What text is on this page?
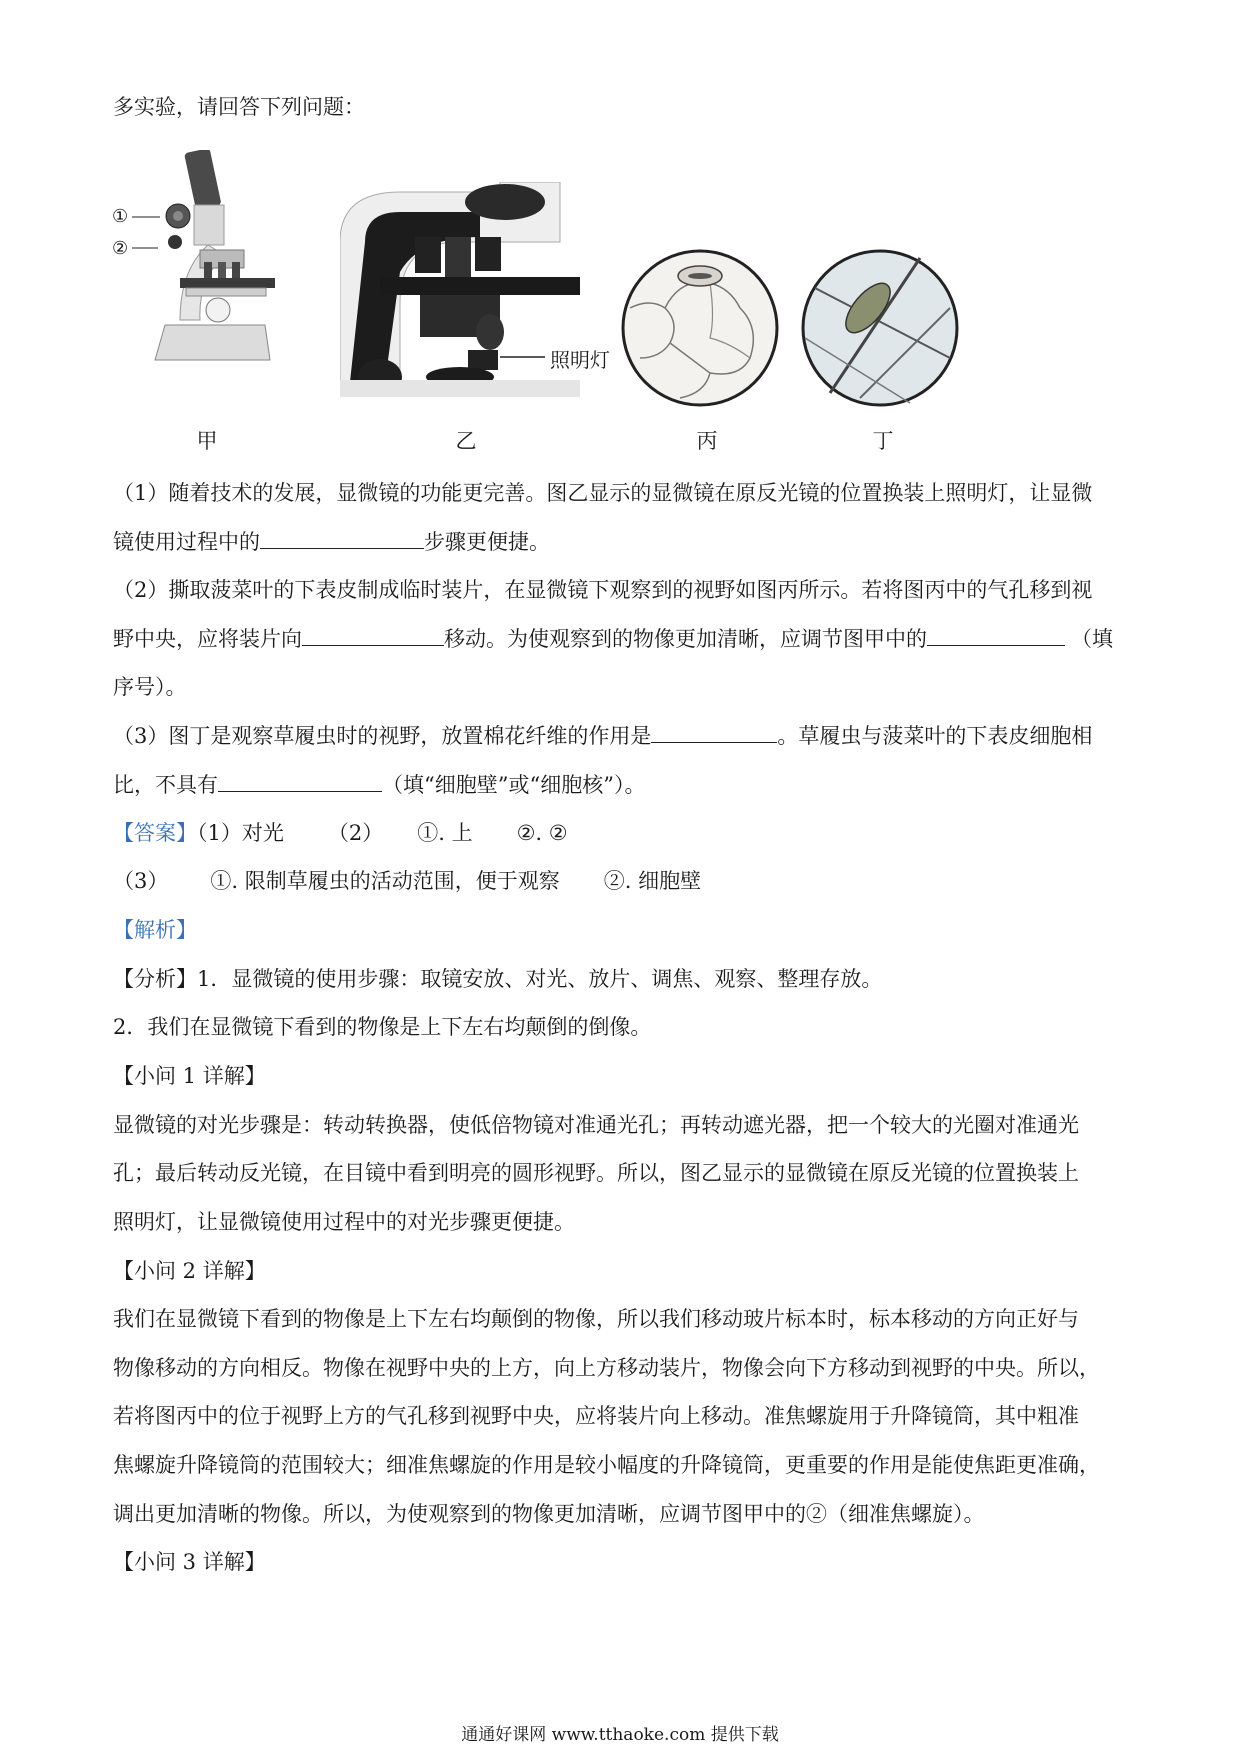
多实验，请回答下列问题：
①
②
照明灯
甲	乙	丙	丁
（1）随着技术的发展，显微镜的功能更完善。图乙显示的显微镜在原反光镜的位置换装上照明灯，让显微
镜使用过程中的	步骤更便捷。
（2）撕取菠菜叶的下表皮制成临时装片，在显微镜下观察到的视野如图丙所示。若将图丙中的气孔移到视
野中央，应将装片向	移动。为使观察到的物像更加清晰，应调节图甲中的	（填
序号）。
（3）图丁是观察草履虫时的视野，放置棉花纤维的作用是	。草履虫与菠菜叶的下表皮细胞相
比，不具有	（填“细胞壁”或“细胞核”）。
【答案】（1）对光 （2） ①. 上 ②. ②
（3） ①. 限制草履虫的活动范围，便于观察 ②. 细胞壁
【解析】
【分析】1．显微镜的使用步骤：取镜安放、对光、放片、调焦、观察、整理存放。
2．我们在显微镜下看到的物像是上下左右均颠倒的倒像。
【小问 1 详解】
显微镜的对光步骤是：转动转换器，使低倍物镜对准通光孔；再转动遮光器，把一个较大的光圈对准通光
孔；最后转动反光镜，在目镜中看到明亮的圆形视野。所以，图乙显示的显微镜在原反光镜的位置换装上
照明灯，让显微镜使用过程中的对光步骤更便捷。
【小问 2 详解】
我们在显微镜下看到的物像是上下左右均颠倒的物像，所以我们移动玻片标本时，标本移动的方向正好与
物像移动的方向相反。物像在视野中央的上方，向上方移动装片，物像会向下方移动到视野的中央。所以，
若将图丙中的位于视野上方的气孔移到视野中央，应将装片向上移动。准焦螺旋用于升降镜筒，其中粗准
焦螺旋升降镜筒的范围较大；细准焦螺旋的作用是较小幅度的升降镜筒，更重要的作用是能使焦距更准确，
调出更加清晰的物像。所以，为使观察到的物像更加清晰，应调节图甲中的②（细准焦螺旋）。
【小问 3 详解】
通通好课网 www.tthaoke.com 提供下载
